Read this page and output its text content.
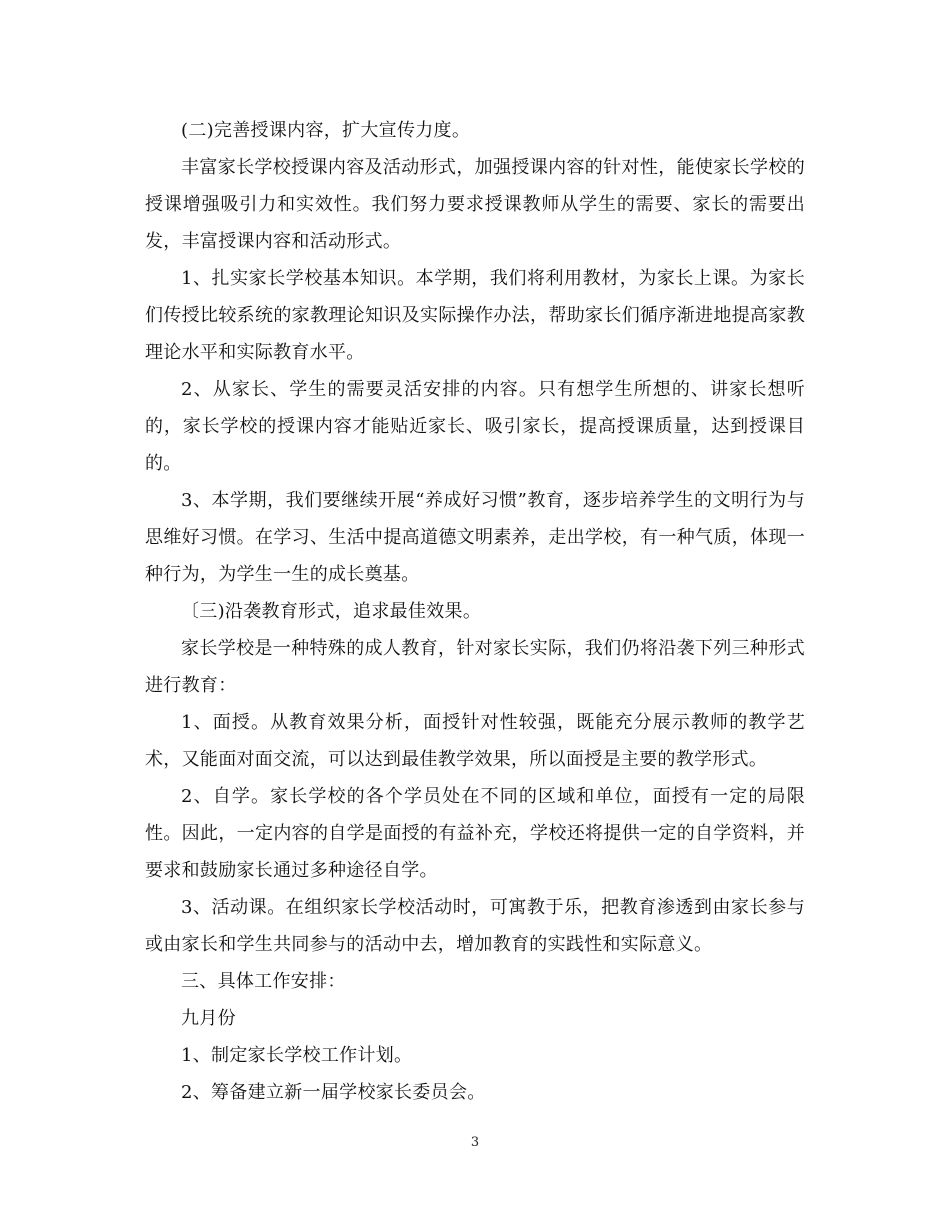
(二)完善授课内容，扩大宣传力度。

丰富家长学校授课内容及活动形式，加强授课内容的针对性，能使家长学校的授课增强吸引力和实效性。我们努力要求授课教师从学生的需要、家长的需要出发，丰富授课内容和活动形式。

1、扎实家长学校基本知识。本学期，我们将利用教材，为家长上课。为家长们传授比较系统的家教理论知识及实际操作办法，帮助家长们循序渐进地提高家教理论水平和实际教育水平。

2、从家长、学生的需要灵活安排的内容。只有想学生所想的、讲家长想听的，家长学校的授课内容才能贴近家长、吸引家长，提高授课质量，达到授课目的。

3、本学期，我们要继续开展“养成好习惯”教育，逐步培养学生的文明行为与思维好习惯。在学习、生活中提高道德文明素养，走出学校，有一种气质，体现一种行为，为学生一生的成长奠基。

〔三)沿袭教育形式，追求最佳效果。

家长学校是一种特殊的成人教育，针对家长实际，我们仍将沿袭下列三种形式进行教育：

1、面授。从教育效果分析，面授针对性较强，既能充分展示教师的教学艺术，又能面对面交流，可以达到最佳教学效果，所以面授是主要的教学形式。

2、自学。家长学校的各个学员处在不同的区域和单位，面授有一定的局限性。因此，一定内容的自学是面授的有益补充，学校还将提供一定的自学资料，并要求和鼓励家长通过多种途径自学。

3、活动课。在组织家长学校活动时，可寓教于乐，把教育渗透到由家长参与或由家长和学生共同参与的活动中去，增加教育的实践性和实际意义。

三、具体工作安排：

九月份

1、制定家长学校工作计划。

2、筹备建立新一届学校家长委员会。

3
